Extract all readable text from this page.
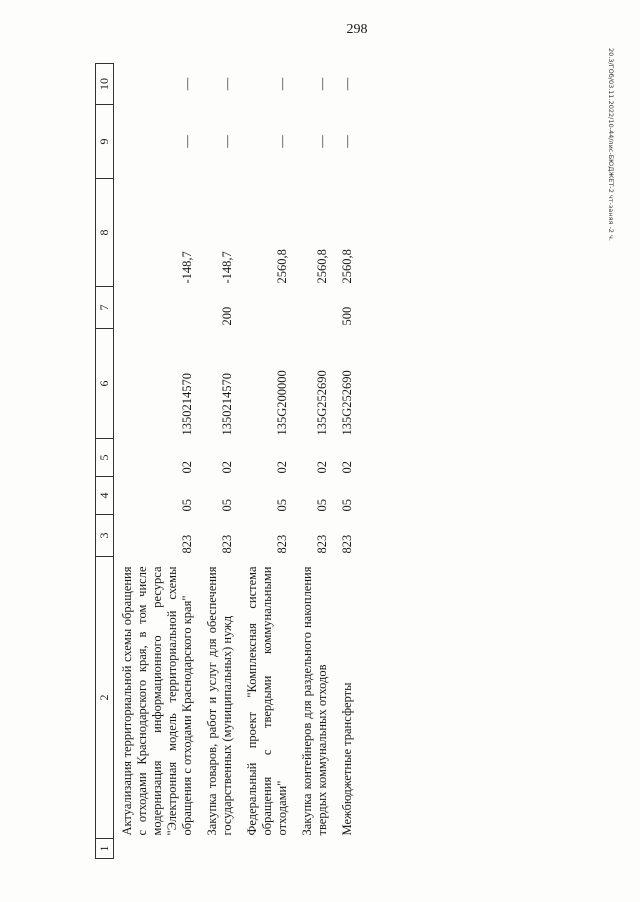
298
20.3/ГОб/03.11.2022/10-44/лис-БЮДЖЕТ-2 чт-заняя -2 ч.
1	2	3	4	5	6	7	8	9	10
	Актуализация территориальной схемы обращения с отходами Краснодарского края, в том числе модернизация информационного ресурса "Электронная модель территориальной схемы обращения с отходами Краснодарского края"	823	05	02	1350214570		-148,7	—	—
	Закупка товаров, работ и услуг для обеспечения государственных (муниципальных) нужд	823	05	02	1350214570	200	-148,7	—	—
	Федеральный проект "Комплексная система обращения с твердыми коммунальными отходами"	823	05	02	135G200000		2560,8	—	—
	Закупка контейнеров для раздельного накопления твердых коммунальных отходов	823	05	02	135G252690		2560,8	—	—
	Межбюджетные трансферты	823	05	02	135G252690	500	2560,8	—	—
